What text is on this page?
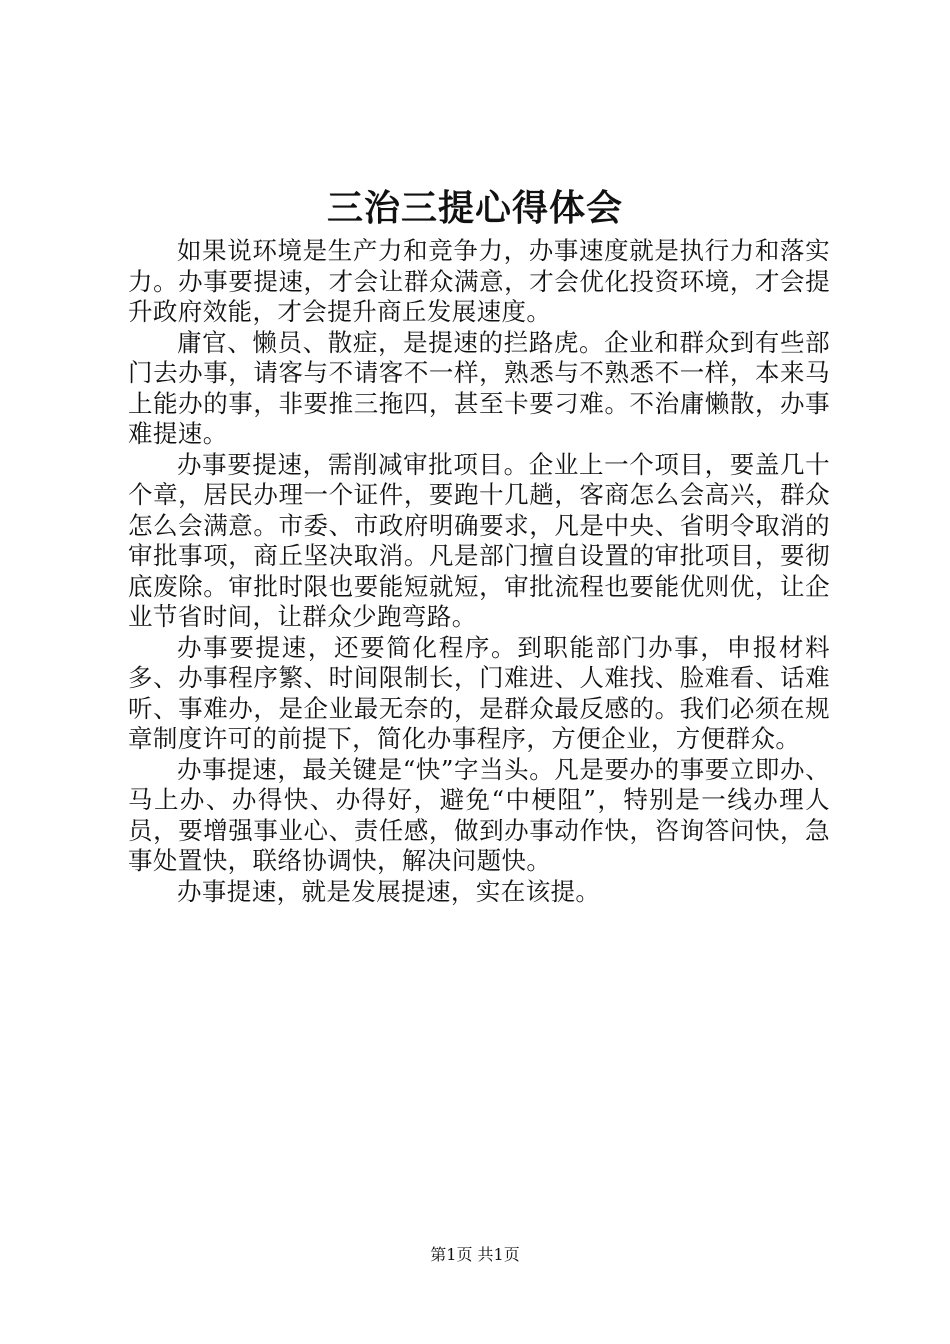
三治三提心得体会

如果说环境是生产力和竞争力，办事速度就是执行力和落实力。办事要提速，才会让群众满意，才会优化投资环境，才会提升政府效能，才会提升商丘发展速度。

庸官、懒员、散症，是提速的拦路虎。企业和群众到有些部门去办事，请客与不请客不一样，熟悉与不熟悉不一样，本来马上能办的事，非要推三拖四，甚至卡要刁难。不治庸懒散，办事难提速。

办事要提速，需削减审批项目。企业上一个项目，要盖几十个章，居民办理一个证件，要跑十几趟，客商怎么会高兴，群众怎么会满意。市委、市政府明确要求，凡是中央、省明令取消的审批事项，商丘坚决取消。凡是部门擅自设置的审批项目，要彻底废除。审批时限也要能短就短，审批流程也要能优则优，让企业节省时间，让群众少跑弯路。

办事要提速，还要简化程序。到职能部门办事，申报材料多、办事程序繁、时间限制长，门难进、人难找、脸难看、话难听、事难办，是企业最无奈的，是群众最反感的。我们必须在规章制度许可的前提下，简化办事程序，方便企业，方便群众。

办事提速，最关键是“快”字当头。凡是要办的事要立即办、马上办、办得快、办得好，避免“中梗阻”，特别是一线办理人员，要增强事业心、责任感，做到办事动作快，咨询答问快，急事处置快，联络协调快，解决问题快。

办事提速，就是发展提速，实在该提。

第1页 共1页
